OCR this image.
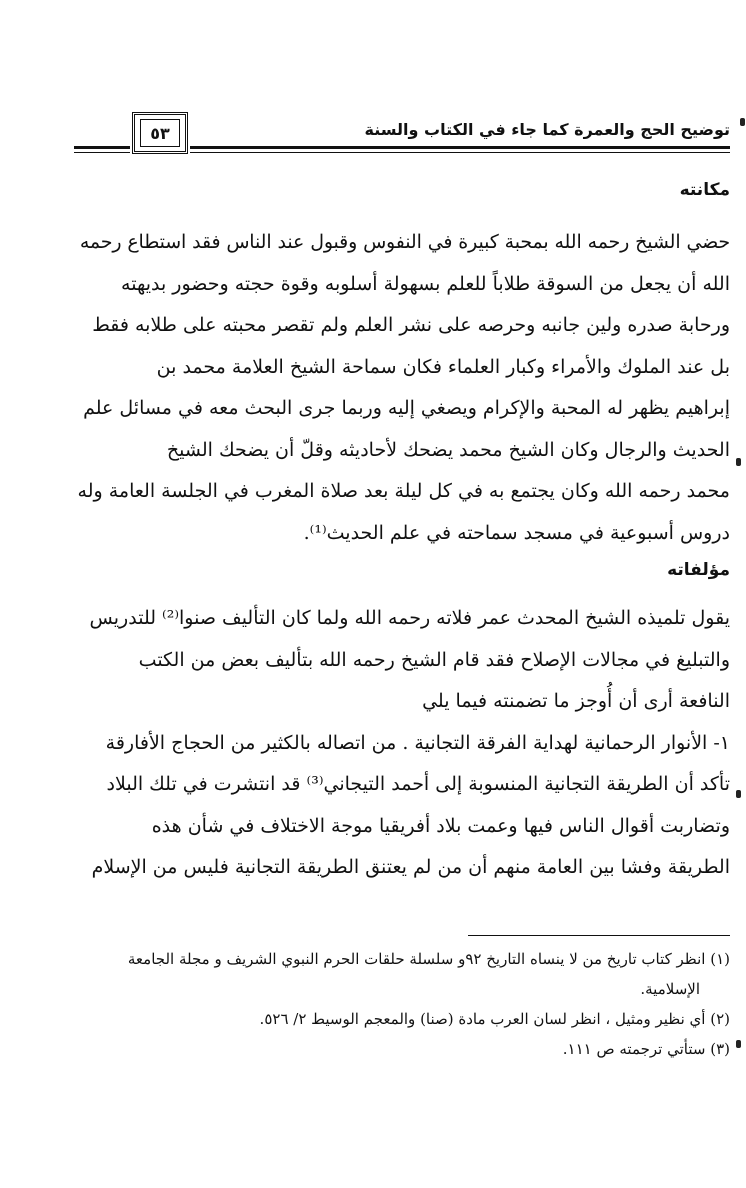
توضيح الحج والعمرة كما جاء في الكتاب والسنة
٥٣
مكانته
حضي الشيخ رحمه الله بمحبة كبيرة في النفوس وقبول عند الناس فقد استطاع رحمه
الله أن يجعل من السوقة طلاباً للعلم بسهولة أسلوبه وقوة حجته وحضور بديهته
ورحابة صدره ولين جانبه وحرصه على نشر العلم ولم تقصر محبته على طلابه فقط
بل عند الملوك والأمراء وكبار العلماء فكان سماحة الشيخ العلامة محمد بن
إبراهيم يظهر له المحبة والإكرام ويصغي إليه وربما جرى البحث معه في مسائل علم
الحديث والرجال وكان الشيخ محمد يضحك لأحاديثه وقلّ أن يضحك الشيخ
محمد رحمه الله وكان يجتمع به في كل ليلة بعد صلاة المغرب في الجلسة العامة وله
دروس أسبوعية في مسجد سماحته في علم الحديث⁽¹⁾.
مؤلفاته
يقول تلميذه الشيخ المحدث عمر فلاته رحمه الله ولما كان التأليف صنوا⁽²⁾ للتدريس
والتبليغ في مجالات الإصلاح فقد قام الشيخ رحمه الله بتأليف بعض من الكتب
النافعة أرى أن أُوجز ما تضمنته فيما يلي
١- الأنوار الرحمانية لهداية الفرقة التجانية . من اتصاله بالكثير من الحجاج الأفارقة
تأكد أن الطريقة التجانية المنسوبة إلى أحمد التيجاني⁽³⁾ قد انتشرت في تلك البلاد
وتضاربت أقوال الناس فيها وعمت بلاد أفريقيا موجة الاختلاف في شأن هذه
الطريقة وفشا بين العامة منهم أن من لم يعتنق الطريقة التجانية فليس من الإسلام
(١) انظر كتاب تاريخ من لا ينساه التاريخ ٩٢و سلسلة حلقات الحرم النبوي الشريف و مجلة الجامعة
الإسلامية.
(٢) أي نظير ومثيل ، انظر لسان العرب مادة (صنا) والمعجم الوسيط ٢/ ٥٢٦.
(٣) ستأتي ترجمته ص ١١١.
